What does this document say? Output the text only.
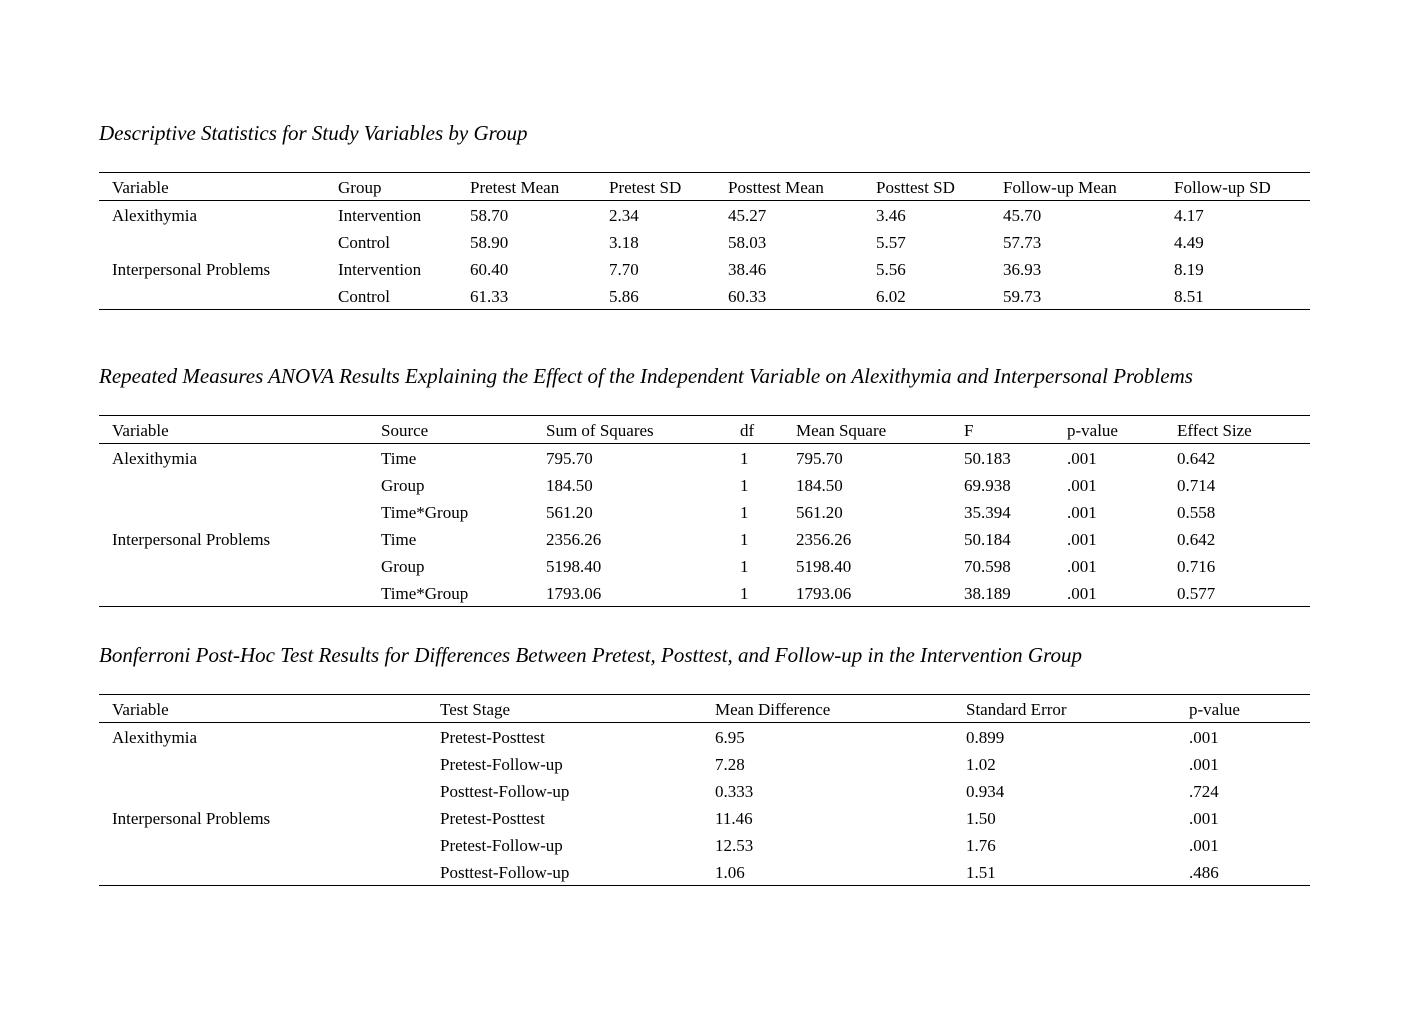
Descriptive Statistics for Study Variables by Group
Variable	Group	Pretest Mean	Pretest SD	Posttest Mean	Posttest SD	Follow-up Mean	Follow-up SD
Alexithymia	Intervention	58.70	2.34	45.27	3.46	45.70	4.17
	Control	58.90	3.18	58.03	5.57	57.73	4.49
Interpersonal Problems	Intervention	60.40	7.70	38.46	5.56	36.93	8.19
	Control	61.33	5.86	60.33	6.02	59.73	8.51
Repeated Measures ANOVA Results Explaining the Effect of the Independent Variable on Alexithymia and Interpersonal Problems
Variable	Source	Sum of Squares	df	Mean Square	F	p-value	Effect Size
Alexithymia	Time	795.70	1	795.70	50.183	.001	0.642
	Group	184.50	1	184.50	69.938	.001	0.714
	Time*Group	561.20	1	561.20	35.394	.001	0.558
Interpersonal Problems	Time	2356.26	1	2356.26	50.184	.001	0.642
	Group	5198.40	1	5198.40	70.598	.001	0.716
	Time*Group	1793.06	1	1793.06	38.189	.001	0.577
Bonferroni Post-Hoc Test Results for Differences Between Pretest, Posttest, and Follow-up in the Intervention Group
Variable	Test Stage	Mean Difference	Standard Error	p-value
Alexithymia	Pretest-Posttest	6.95	0.899	.001
	Pretest-Follow-up	7.28	1.02	.001
	Posttest-Follow-up	0.333	0.934	.724
Interpersonal Problems	Pretest-Posttest	11.46	1.50	.001
	Pretest-Follow-up	12.53	1.76	.001
	Posttest-Follow-up	1.06	1.51	.486
